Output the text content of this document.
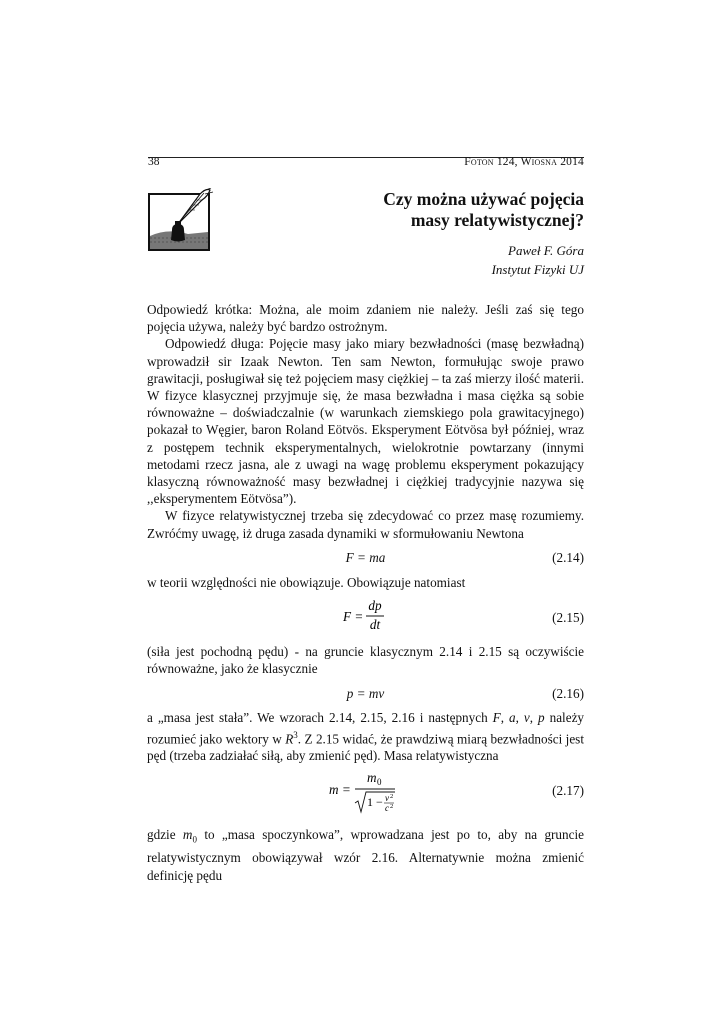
38	Foton 124, Wiosna 2014
Czy można używać pojęcia
masy relatywistycznej?
Paweł F. Góra
Instytut Fizyki UJ

Odpowiedź krótka: Można, ale moim zdaniem nie należy. Jeśli zaś się tego pojęcia używa, należy być bardzo ostrożnym.

Odpowiedź długa: Pojęcie masy jako miary bezwładności (masę bezwładną) wprowadził sir Izaak Newton. Ten sam Newton, formułując swoje prawo grawitacji, posługiwał się też pojęciem masy ciężkiej – ta zaś mierzy ilość materii. W fizyce klasycznej przyjmuje się, że masa bezwładna i masa ciężka są sobie równoważne – doświadczalnie (w warunkach ziemskiego pola grawitacyjnego) pokazał to Węgier, baron Roland Eötvös. Eksperyment Eötvösa był później, wraz z postępem technik eksperymentalnych, wielokrotnie powtarzany (innymi metodami rzecz jasna, ale z uwagi na wagę problemu eksperyment pokazujący klasyczną równoważność masy bezwładnej i ciężkiej tradycyjnie nazywa się ,,eksperymentem Eötvösa”).

W fizyce relatywistycznej trzeba się zdecydować co przez masę rozumiemy. Zwróćmy uwagę, iż druga zasada dynamiki w sformułowaniu Newtona

F = ma	(2.14)

w teorii względności nie obowiązuje. Obowiązuje natomiast

F =
dp
dt	(2.15)

(siła jest pochodną pędu) - na gruncie klasycznym 2.14 i 2.15 są oczywiście równoważne, jako że klasycznie

p = mv	(2.16)

a „masa jest stała”. We wzorach 2.14, 2.15, 2.16 i następnych F, a, v, p należy rozumieć jako wektory w $R^3$. Z 2.15 widać, że prawdziwą miarą bezwładności jest pęd (trzeba zadziałać siłą, aby zmienić pęd). Masa relatywistyczna

m =
m 0
1 − v 2
c 2
(2.17)

gdzie $m_0$ to „masa spoczynkowa”, wprowadzana jest po to, aby na gruncie relatywistycznym obowiązywał wzór 2.16. Alternatywnie można zmienić definicję pędu
